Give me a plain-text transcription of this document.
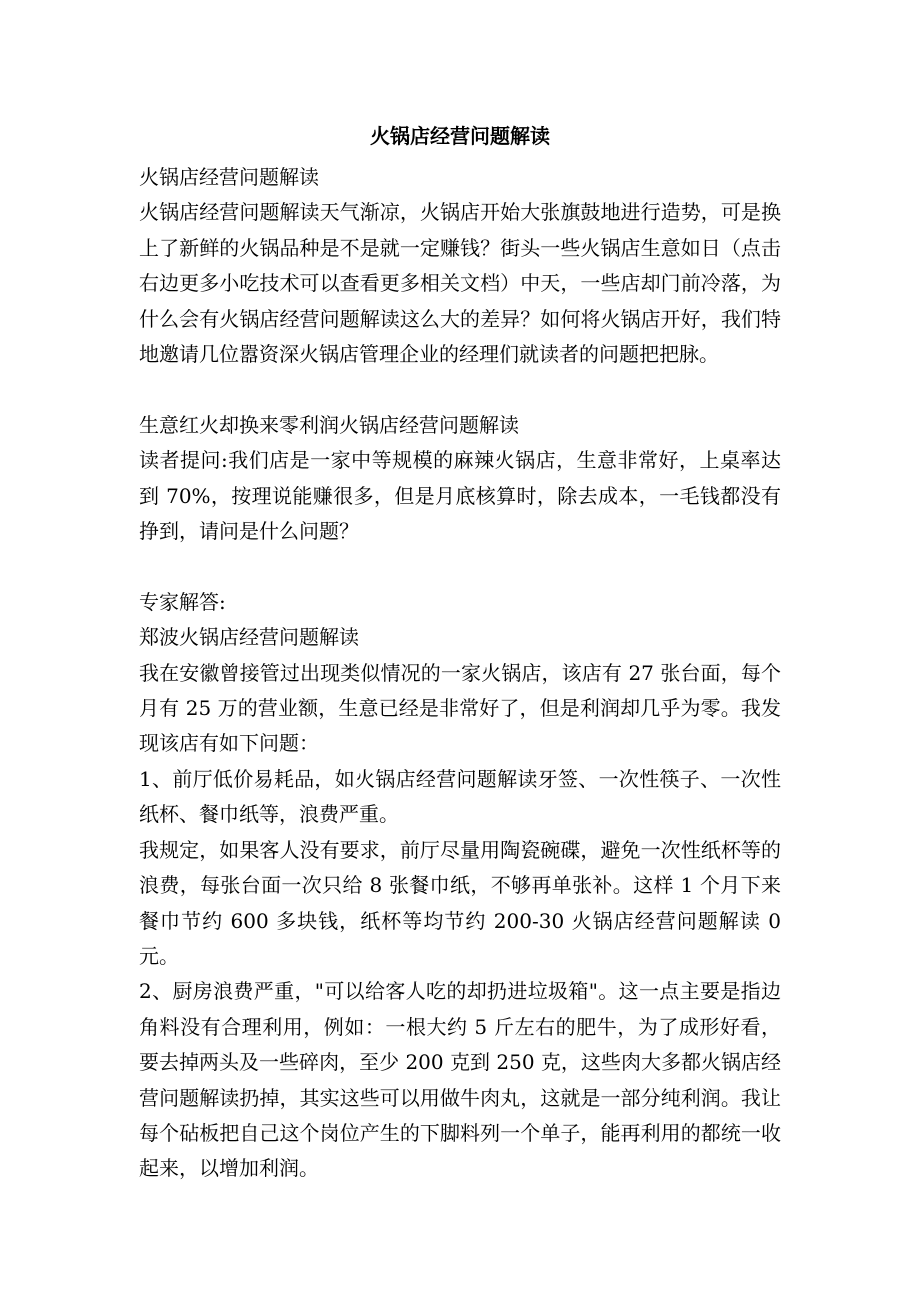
火锅店经营问题解读

火锅店经营问题解读

火锅店经营问题解读天气渐凉，火锅店开始大张旗鼓地进行造势，可是换上了新鲜的火锅品种是不是就一定赚钱？街头一些火锅店生意如日（点击右边更多小吃技术可以查看更多相关文档）中天，一些店却门前冷落，为什么会有火锅店经营问题解读这么大的差异？如何将火锅店开好，我们特地邀请几位嚣资深火锅店管理企业的经理们就读者的问题把把脉。

生意红火却换来零利润火锅店经营问题解读

读者提问:我们店是一家中等规模的麻辣火锅店，生意非常好，上桌率达到 70%，按理说能赚很多，但是月底核算时，除去成本，一毛钱都没有挣到，请问是什么问题？

专家解答:

郑波火锅店经营问题解读

我在安徽曾接管过出现类似情况的一家火锅店，该店有 27 张台面，每个月有 25 万的营业额，生意已经是非常好了，但是利润却几乎为零。我发现该店有如下问题：

1、前厅低价易耗品，如火锅店经营问题解读牙签、一次性筷子、一次性纸杯、餐巾纸等，浪费严重。

我规定，如果客人没有要求，前厅尽量用陶瓷碗碟，避免一次性纸杯等的浪费，每张台面一次只给 8 张餐巾纸，不够再单张补。这样 1 个月下来餐巾节约 600 多块钱，纸杯等均节约 200-30 火锅店经营问题解读 0 元。

2、厨房浪费严重，"可以给客人吃的却扔进垃圾箱"。这一点主要是指边角料没有合理利用，例如：一根大约 5 斤左右的肥牛，为了成形好看，要去掉两头及一些碎肉，至少 200 克到 250 克，这些肉大多都火锅店经营问题解读扔掉，其实这些可以用做牛肉丸，这就是一部分纯利润。我让每个砧板把自己这个岗位产生的下脚料列一个单子，能再利用的都统一收起来，以增加利润。
